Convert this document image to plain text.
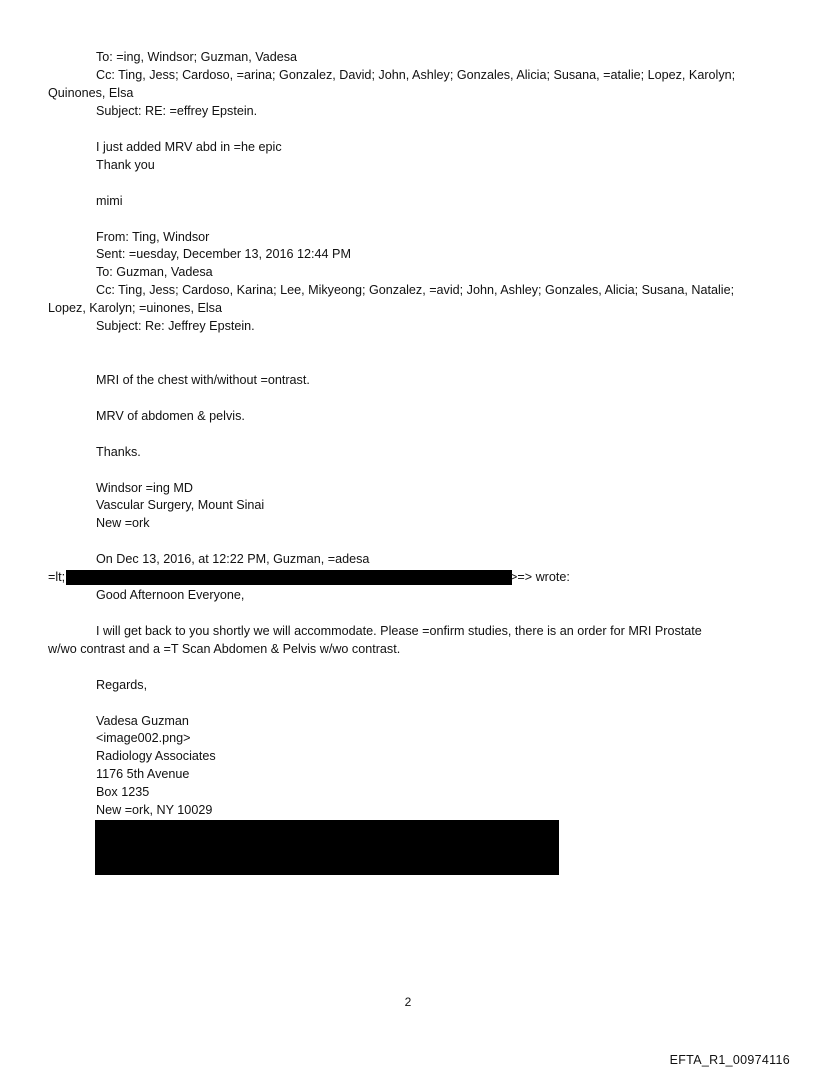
To: =ing, Windsor; Guzman, Vadesa
Cc: Ting, Jess; Cardoso, =arina; Gonzalez, David; John, Ashley; Gonzales, Alicia; Susana, =atalie; Lopez, Karolyn;
Quinones, Elsa
Subject: RE: =effrey Epstein.
I just added MRV abd in =he epic
Thank you
mimi
From: Ting, Windsor
Sent: =uesday, December 13, 2016 12:44 PM
To: Guzman, Vadesa
Cc: Ting, Jess; Cardoso, Karina; Lee, Mikyeong; Gonzalez, =avid; John, Ashley; Gonzales, Alicia; Susana, Natalie;
Lopez, Karolyn; =uinones, Elsa
Subject: Re: Jeffrey Epstein.
MRI of the chest with/without =ontrast.
MRV of abdomen & pelvis.
Thanks.
Windsor =ing MD
Vascular Surgery, Mount Sinai
New =ork
On Dec 13, 2016, at 12:22 PM, Guzman, =adesa
=lt;	>=> wrote:
Good Afternoon Everyone,
I will get back to you shortly we will accommodate. Please =onfirm studies, there is an order for MRI Prostate
w/wo contrast and a =T Scan Abdomen & Pelvis w/wo contrast.
Regards,
Vadesa Guzman
<image002.png>
Radiology Associates
1176 5th Avenue
Box 1235
New =ork, NY 10029
2
EFTA_R1_00974116
